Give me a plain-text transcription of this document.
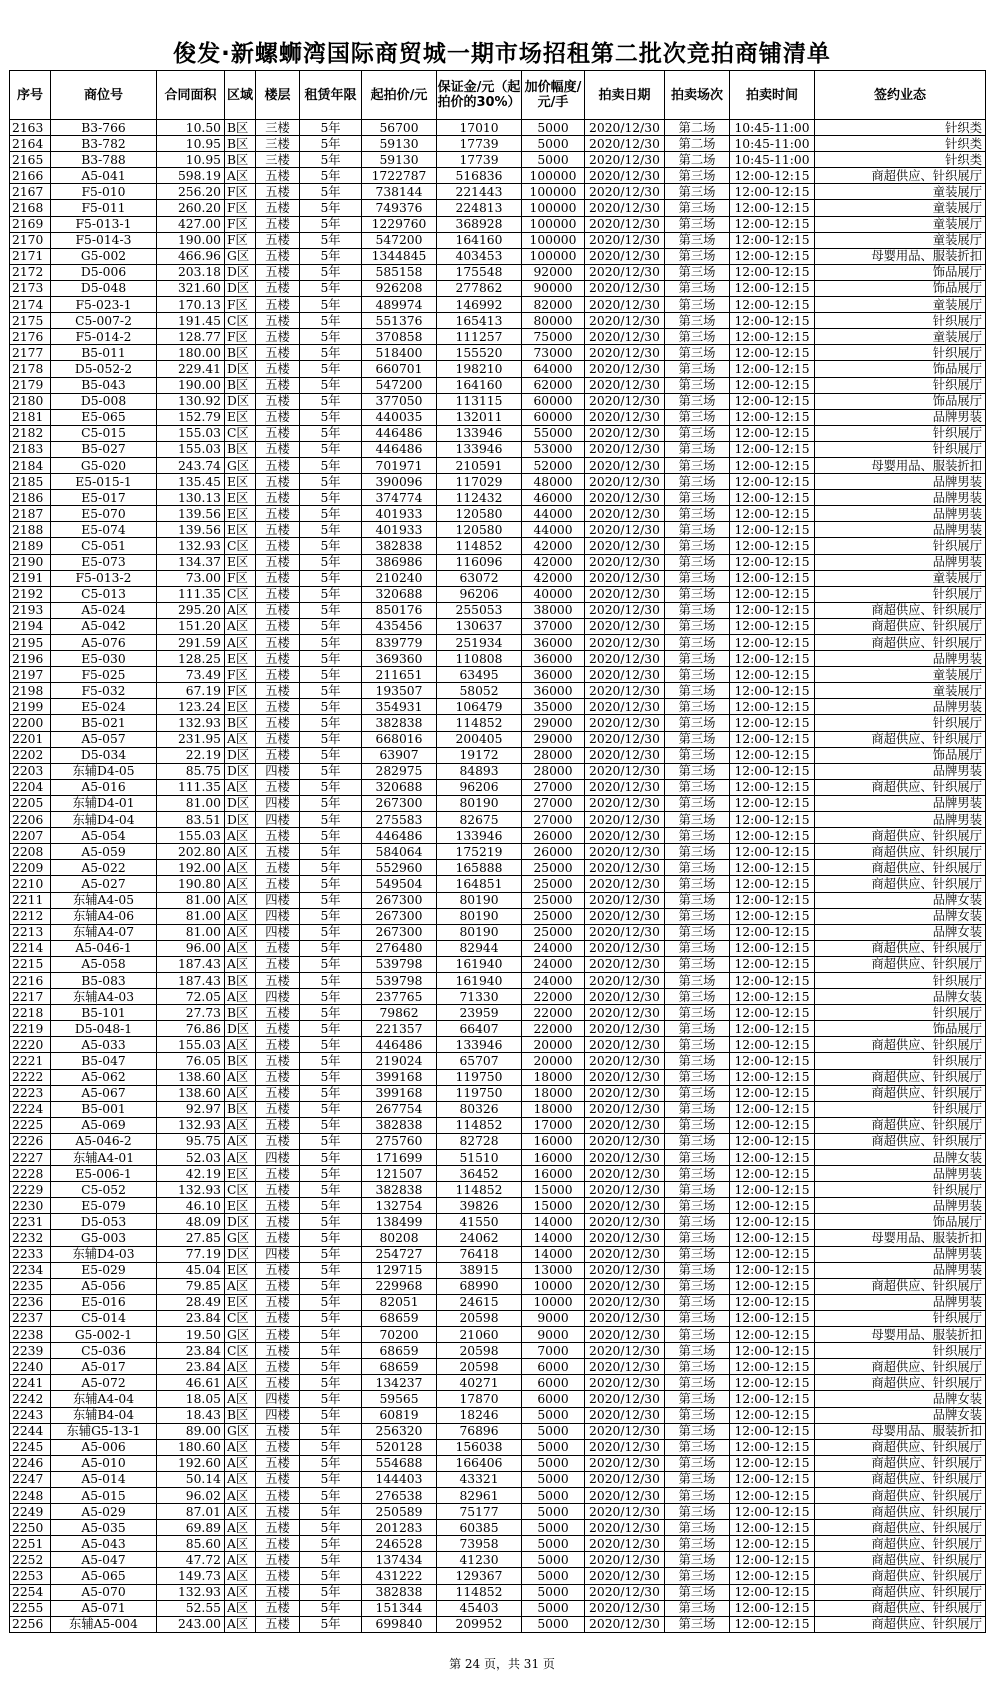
俊发·新螺蛳湾国际商贸城一期市场招租第二批次竞拍商铺清单
序号	商位号	合同面积	区域	楼层	租赁年限	起拍价/元	保证金/元（起拍价的30%）	加价幅度/元/手	拍卖日期	拍卖场次	拍卖时间	签约业态
2163	B3-766	10.50	B区	三楼	5年	56700	17010	5000	2020/12/30	第二场	10:45-11:00	针织类
2164	B3-782	10.95	B区	三楼	5年	59130	17739	5000	2020/12/30	第二场	10:45-11:00	针织类
2165	B3-788	10.95	B区	三楼	5年	59130	17739	5000	2020/12/30	第二场	10:45-11:00	针织类
2166	A5-041	598.19	A区	五楼	5年	1722787	516836	100000	2020/12/30	第三场	12:00-12:15	商超供应、针织展厅
2167	F5-010	256.20	F区	五楼	5年	738144	221443	100000	2020/12/30	第三场	12:00-12:15	童装展厅
2168	F5-011	260.20	F区	五楼	5年	749376	224813	100000	2020/12/30	第三场	12:00-12:15	童装展厅
2169	F5-013-1	427.00	F区	五楼	5年	1229760	368928	100000	2020/12/30	第三场	12:00-12:15	童装展厅
2170	F5-014-3	190.00	F区	五楼	5年	547200	164160	100000	2020/12/30	第三场	12:00-12:15	童装展厅
2171	G5-002	466.96	G区	五楼	5年	1344845	403453	100000	2020/12/30	第三场	12:00-12:15	母婴用品、服装折扣
2172	D5-006	203.18	D区	五楼	5年	585158	175548	92000	2020/12/30	第三场	12:00-12:15	饰品展厅
2173	D5-048	321.60	D区	五楼	5年	926208	277862	90000	2020/12/30	第三场	12:00-12:15	饰品展厅
2174	F5-023-1	170.13	F区	五楼	5年	489974	146992	82000	2020/12/30	第三场	12:00-12:15	童装展厅
2175	C5-007-2	191.45	C区	五楼	5年	551376	165413	80000	2020/12/30	第三场	12:00-12:15	针织展厅
2176	F5-014-2	128.77	F区	五楼	5年	370858	111257	75000	2020/12/30	第三场	12:00-12:15	童装展厅
2177	B5-011	180.00	B区	五楼	5年	518400	155520	73000	2020/12/30	第三场	12:00-12:15	针织展厅
2178	D5-052-2	229.41	D区	五楼	5年	660701	198210	64000	2020/12/30	第三场	12:00-12:15	饰品展厅
2179	B5-043	190.00	B区	五楼	5年	547200	164160	62000	2020/12/30	第三场	12:00-12:15	针织展厅
2180	D5-008	130.92	D区	五楼	5年	377050	113115	60000	2020/12/30	第三场	12:00-12:15	饰品展厅
2181	E5-065	152.79	E区	五楼	5年	440035	132011	60000	2020/12/30	第三场	12:00-12:15	品牌男装
2182	C5-015	155.03	C区	五楼	5年	446486	133946	55000	2020/12/30	第三场	12:00-12:15	针织展厅
2183	B5-027	155.03	B区	五楼	5年	446486	133946	53000	2020/12/30	第三场	12:00-12:15	针织展厅
2184	G5-020	243.74	G区	五楼	5年	701971	210591	52000	2020/12/30	第三场	12:00-12:15	母婴用品、服装折扣
2185	E5-015-1	135.45	E区	五楼	5年	390096	117029	48000	2020/12/30	第三场	12:00-12:15	品牌男装
2186	E5-017	130.13	E区	五楼	5年	374774	112432	46000	2020/12/30	第三场	12:00-12:15	品牌男装
2187	E5-070	139.56	E区	五楼	5年	401933	120580	44000	2020/12/30	第三场	12:00-12:15	品牌男装
2188	E5-074	139.56	E区	五楼	5年	401933	120580	44000	2020/12/30	第三场	12:00-12:15	品牌男装
2189	C5-051	132.93	C区	五楼	5年	382838	114852	42000	2020/12/30	第三场	12:00-12:15	针织展厅
2190	E5-073	134.37	E区	五楼	5年	386986	116096	42000	2020/12/30	第三场	12:00-12:15	品牌男装
2191	F5-013-2	73.00	F区	五楼	5年	210240	63072	42000	2020/12/30	第三场	12:00-12:15	童装展厅
2192	C5-013	111.35	C区	五楼	5年	320688	96206	40000	2020/12/30	第三场	12:00-12:15	针织展厅
2193	A5-024	295.20	A区	五楼	5年	850176	255053	38000	2020/12/30	第三场	12:00-12:15	商超供应、针织展厅
2194	A5-042	151.20	A区	五楼	5年	435456	130637	37000	2020/12/30	第三场	12:00-12:15	商超供应、针织展厅
2195	A5-076	291.59	A区	五楼	5年	839779	251934	36000	2020/12/30	第三场	12:00-12:15	商超供应、针织展厅
2196	E5-030	128.25	E区	五楼	5年	369360	110808	36000	2020/12/30	第三场	12:00-12:15	品牌男装
2197	F5-025	73.49	F区	五楼	5年	211651	63495	36000	2020/12/30	第三场	12:00-12:15	童装展厅
2198	F5-032	67.19	F区	五楼	5年	193507	58052	36000	2020/12/30	第三场	12:00-12:15	童装展厅
2199	E5-024	123.24	E区	五楼	5年	354931	106479	35000	2020/12/30	第三场	12:00-12:15	品牌男装
2200	B5-021	132.93	B区	五楼	5年	382838	114852	29000	2020/12/30	第三场	12:00-12:15	针织展厅
2201	A5-057	231.95	A区	五楼	5年	668016	200405	29000	2020/12/30	第三场	12:00-12:15	商超供应、针织展厅
2202	D5-034	22.19	D区	五楼	5年	63907	19172	28000	2020/12/30	第三场	12:00-12:15	饰品展厅
2203	东辅D4-05	85.75	D区	四楼	5年	282975	84893	28000	2020/12/30	第三场	12:00-12:15	品牌男装
2204	A5-016	111.35	A区	五楼	5年	320688	96206	27000	2020/12/30	第三场	12:00-12:15	商超供应、针织展厅
2205	东辅D4-01	81.00	D区	四楼	5年	267300	80190	27000	2020/12/30	第三场	12:00-12:15	品牌男装
2206	东辅D4-04	83.51	D区	四楼	5年	275583	82675	27000	2020/12/30	第三场	12:00-12:15	品牌男装
2207	A5-054	155.03	A区	五楼	5年	446486	133946	26000	2020/12/30	第三场	12:00-12:15	商超供应、针织展厅
2208	A5-059	202.80	A区	五楼	5年	584064	175219	26000	2020/12/30	第三场	12:00-12:15	商超供应、针织展厅
2209	A5-022	192.00	A区	五楼	5年	552960	165888	25000	2020/12/30	第三场	12:00-12:15	商超供应、针织展厅
2210	A5-027	190.80	A区	五楼	5年	549504	164851	25000	2020/12/30	第三场	12:00-12:15	商超供应、针织展厅
2211	东辅A4-05	81.00	A区	四楼	5年	267300	80190	25000	2020/12/30	第三场	12:00-12:15	品牌女装
2212	东辅A4-06	81.00	A区	四楼	5年	267300	80190	25000	2020/12/30	第三场	12:00-12:15	品牌女装
2213	东辅A4-07	81.00	A区	四楼	5年	267300	80190	25000	2020/12/30	第三场	12:00-12:15	品牌女装
2214	A5-046-1	96.00	A区	五楼	5年	276480	82944	24000	2020/12/30	第三场	12:00-12:15	商超供应、针织展厅
2215	A5-058	187.43	A区	五楼	5年	539798	161940	24000	2020/12/30	第三场	12:00-12:15	商超供应、针织展厅
2216	B5-083	187.43	B区	五楼	5年	539798	161940	24000	2020/12/30	第三场	12:00-12:15	针织展厅
2217	东辅A4-03	72.05	A区	四楼	5年	237765	71330	22000	2020/12/30	第三场	12:00-12:15	品牌女装
2218	B5-101	27.73	B区	五楼	5年	79862	23959	22000	2020/12/30	第三场	12:00-12:15	针织展厅
2219	D5-048-1	76.86	D区	五楼	5年	221357	66407	22000	2020/12/30	第三场	12:00-12:15	饰品展厅
2220	A5-033	155.03	A区	五楼	5年	446486	133946	20000	2020/12/30	第三场	12:00-12:15	商超供应、针织展厅
2221	B5-047	76.05	B区	五楼	5年	219024	65707	20000	2020/12/30	第三场	12:00-12:15	针织展厅
2222	A5-062	138.60	A区	五楼	5年	399168	119750	18000	2020/12/30	第三场	12:00-12:15	商超供应、针织展厅
2223	A5-067	138.60	A区	五楼	5年	399168	119750	18000	2020/12/30	第三场	12:00-12:15	商超供应、针织展厅
2224	B5-001	92.97	B区	五楼	5年	267754	80326	18000	2020/12/30	第三场	12:00-12:15	针织展厅
2225	A5-069	132.93	A区	五楼	5年	382838	114852	17000	2020/12/30	第三场	12:00-12:15	商超供应、针织展厅
2226	A5-046-2	95.75	A区	五楼	5年	275760	82728	16000	2020/12/30	第三场	12:00-12:15	商超供应、针织展厅
2227	东辅A4-01	52.03	A区	四楼	5年	171699	51510	16000	2020/12/30	第三场	12:00-12:15	品牌女装
2228	E5-006-1	42.19	E区	五楼	5年	121507	36452	16000	2020/12/30	第三场	12:00-12:15	品牌男装
2229	C5-052	132.93	C区	五楼	5年	382838	114852	15000	2020/12/30	第三场	12:00-12:15	针织展厅
2230	E5-079	46.10	E区	五楼	5年	132754	39826	15000	2020/12/30	第三场	12:00-12:15	品牌男装
2231	D5-053	48.09	D区	五楼	5年	138499	41550	14000	2020/12/30	第三场	12:00-12:15	饰品展厅
2232	G5-003	27.85	G区	五楼	5年	80208	24062	14000	2020/12/30	第三场	12:00-12:15	母婴用品、服装折扣
2233	东辅D4-03	77.19	D区	四楼	5年	254727	76418	14000	2020/12/30	第三场	12:00-12:15	品牌男装
2234	E5-029	45.04	E区	五楼	5年	129715	38915	13000	2020/12/30	第三场	12:00-12:15	品牌男装
2235	A5-056	79.85	A区	五楼	5年	229968	68990	10000	2020/12/30	第三场	12:00-12:15	商超供应、针织展厅
2236	E5-016	28.49	E区	五楼	5年	82051	24615	10000	2020/12/30	第三场	12:00-12:15	品牌男装
2237	C5-014	23.84	C区	五楼	5年	68659	20598	9000	2020/12/30	第三场	12:00-12:15	针织展厅
2238	G5-002-1	19.50	G区	五楼	5年	70200	21060	9000	2020/12/30	第三场	12:00-12:15	母婴用品、服装折扣
2239	C5-036	23.84	C区	五楼	5年	68659	20598	7000	2020/12/30	第三场	12:00-12:15	针织展厅
2240	A5-017	23.84	A区	五楼	5年	68659	20598	6000	2020/12/30	第三场	12:00-12:15	商超供应、针织展厅
2241	A5-072	46.61	A区	五楼	5年	134237	40271	6000	2020/12/30	第三场	12:00-12:15	商超供应、针织展厅
2242	东辅A4-04	18.05	A区	四楼	5年	59565	17870	6000	2020/12/30	第三场	12:00-12:15	品牌女装
2243	东辅B4-04	18.43	B区	四楼	5年	60819	18246	5000	2020/12/30	第三场	12:00-12:15	品牌女装
2244	东辅G5-13-1	89.00	G区	五楼	5年	256320	76896	5000	2020/12/30	第三场	12:00-12:15	母婴用品、服装折扣
2245	A5-006	180.60	A区	五楼	5年	520128	156038	5000	2020/12/30	第三场	12:00-12:15	商超供应、针织展厅
2246	A5-010	192.60	A区	五楼	5年	554688	166406	5000	2020/12/30	第三场	12:00-12:15	商超供应、针织展厅
2247	A5-014	50.14	A区	五楼	5年	144403	43321	5000	2020/12/30	第三场	12:00-12:15	商超供应、针织展厅
2248	A5-015	96.02	A区	五楼	5年	276538	82961	5000	2020/12/30	第三场	12:00-12:15	商超供应、针织展厅
2249	A5-029	87.01	A区	五楼	5年	250589	75177	5000	2020/12/30	第三场	12:00-12:15	商超供应、针织展厅
2250	A5-035	69.89	A区	五楼	5年	201283	60385	5000	2020/12/30	第三场	12:00-12:15	商超供应、针织展厅
2251	A5-043	85.60	A区	五楼	5年	246528	73958	5000	2020/12/30	第三场	12:00-12:15	商超供应、针织展厅
2252	A5-047	47.72	A区	五楼	5年	137434	41230	5000	2020/12/30	第三场	12:00-12:15	商超供应、针织展厅
2253	A5-065	149.73	A区	五楼	5年	431222	129367	5000	2020/12/30	第三场	12:00-12:15	商超供应、针织展厅
2254	A5-070	132.93	A区	五楼	5年	382838	114852	5000	2020/12/30	第三场	12:00-12:15	商超供应、针织展厅
2255	A5-071	52.55	A区	五楼	5年	151344	45403	5000	2020/12/30	第三场	12:00-12:15	商超供应、针织展厅
2256	东辅A5-004	243.00	A区	五楼	5年	699840	209952	5000	2020/12/30	第三场	12:00-12:15	商超供应、针织展厅
第 24 页，共 31 页
